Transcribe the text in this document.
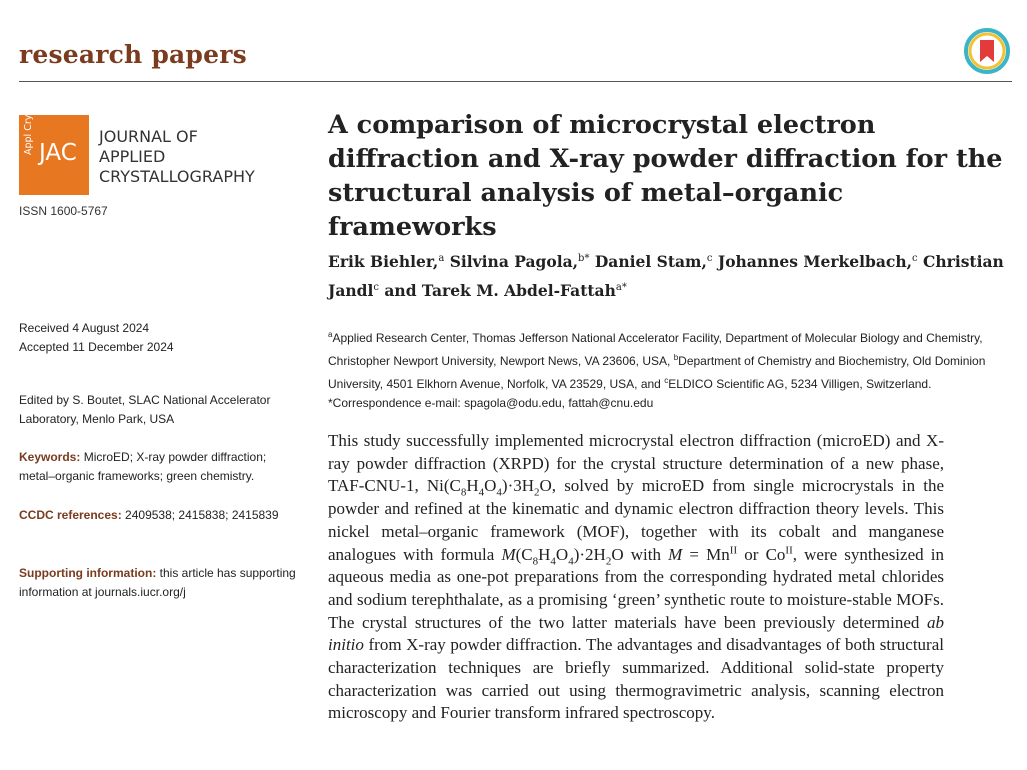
research papers
Appl Cryst JAC
JOURNAL OF
APPLIED
CRYSTALLOGRAPHY
ISSN 1600-5767
Received 4 August 2024
Accepted 11 December 2024
Edited by S. Boutet, SLAC National Accelerator Laboratory, Menlo Park, USA
Keywords: MicroED; X-ray powder diffraction; metal–organic frameworks; green chemistry.
CCDC references: 2409538; 2415838; 2415839
Supporting information: this article has supporting information at journals.iucr.org/j
A comparison of microcrystal electron diffraction and X-ray powder diffraction for the structural analysis of metal–organic frameworks
Erik Biehler,$^a$ Silvina Pagola,$^{b*}$ Daniel Stam,$^c$ Johannes Merkelbach,$^c$ Christian Jandl$^c$ and Tarek M. Abdel-Fattah$^{a*}$
$^a$Applied Research Center, Thomas Jefferson National Accelerator Facility, Department of Molecular Biology and Chemistry, Christopher Newport University, Newport News, VA 23606, USA, $^b$Department of Chemistry and Biochemistry, Old Dominion University, 4501 Elkhorn Avenue, Norfolk, VA 23529, USA, and $^c$ELDICO Scientific AG, 5234 Villigen, Switzerland. *Correspondence e-mail: spagola@odu.edu, fattah@cnu.edu
This study successfully implemented microcrystal electron diffraction (microED) and X-ray powder diffraction (XRPD) for the crystal structure determination of a new phase, TAF-CNU-1, $Ni(C_8H_4O_4)\cdot 3H_2O$, solved by microED from single microcrystals in the powder and refined at the kinematic and dynamic electron diffraction theory levels. This nickel metal–organic framework (MOF), together with its cobalt and manganese analogues with formula $M(C_8H_4O_4)\cdot 2H_2O$ with $M = Mn^{II}$ or $Co^{II}$, were synthesized in aqueous media as one-pot preparations from the corresponding hydrated metal chlorides and sodium terephthalate, as a promising ‘green’ synthetic route to moisture-stable MOFs. The crystal structures of the two latter materials have been previously determined ab initio from X-ray powder diffraction. The advantages and disadvantages of both structural characterization techniques are briefly summarized. Additional solid-state property characterization was carried out using thermogravimetric analysis, scanning electron microscopy and Fourier transform infrared spectroscopy.
